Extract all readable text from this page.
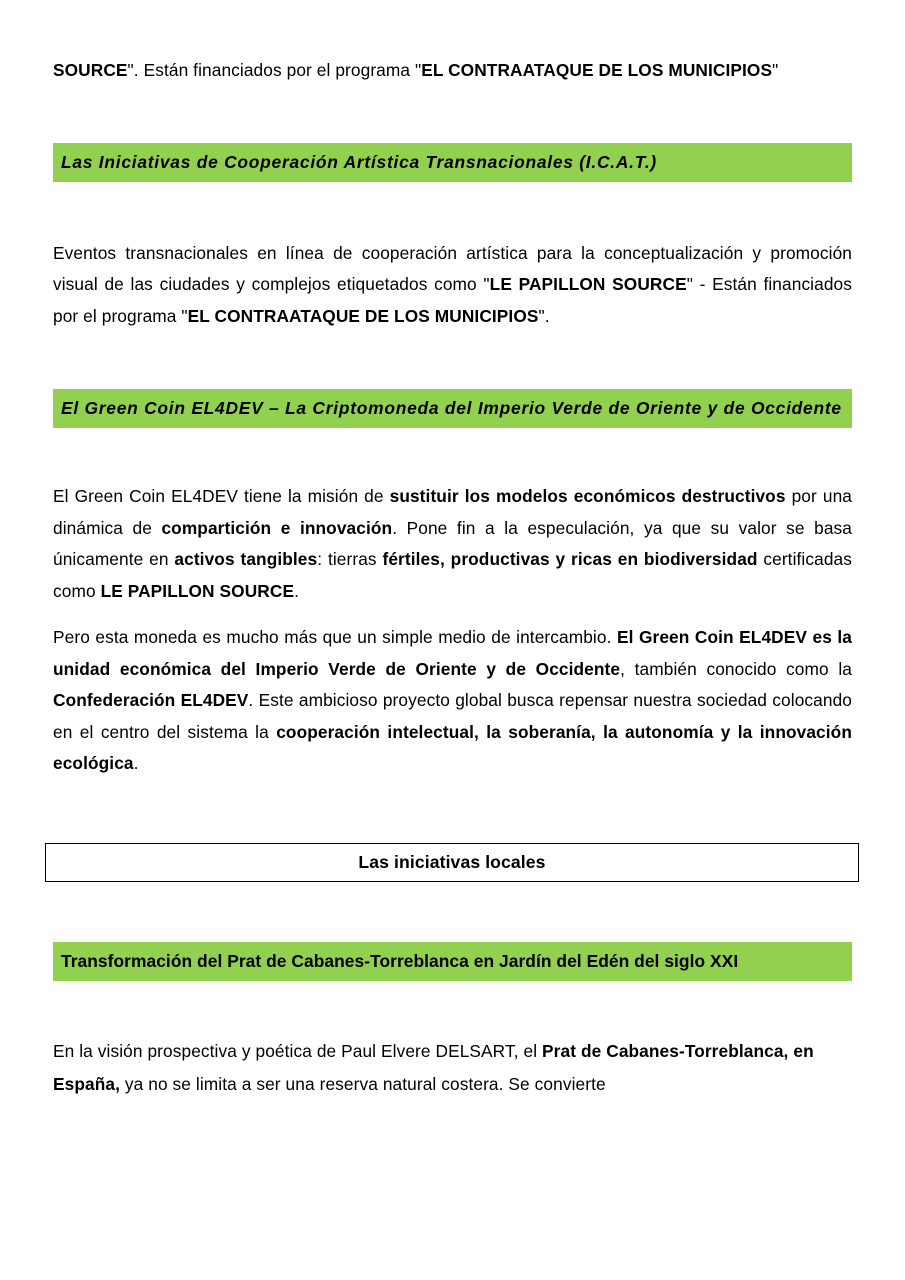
SOURCE". Están financiados por el programa "EL CONTRAATAQUE DE LOS MUNICIPIOS"

Las Iniciativas de Cooperación Artística Transnacionales (I.C.A.T.)

Eventos transnacionales en línea de cooperación artística para la conceptualización y promoción visual de las ciudades y complejos etiquetados como "LE PAPILLON SOURCE" - Están financiados por el programa "EL CONTRAATAQUE DE LOS MUNICIPIOS".

El Green Coin EL4DEV – La Criptomoneda del Imperio Verde de Oriente y de Occidente

El Green Coin EL4DEV tiene la misión de sustituir los modelos económicos destructivos por una dinámica de compartición e innovación. Pone fin a la especulación, ya que su valor se basa únicamente en activos tangibles: tierras fértiles, productivas y ricas en biodiversidad certificadas como LE PAPILLON SOURCE.

Pero esta moneda es mucho más que un simple medio de intercambio. El Green Coin EL4DEV es la unidad económica del Imperio Verde de Oriente y de Occidente, también conocido como la Confederación EL4DEV. Este ambicioso proyecto global busca repensar nuestra sociedad colocando en el centro del sistema la cooperación intelectual, la soberanía, la autonomía y la innovación ecológica.

Las iniciativas locales
Transformación del Prat de Cabanes-Torreblanca en Jardín del Edén del siglo XXI

En la visión prospectiva y poética de Paul Elvere DELSART, el Prat de Cabanes-Torreblanca, en España, ya no se limita a ser una reserva natural costera. Se convierte
